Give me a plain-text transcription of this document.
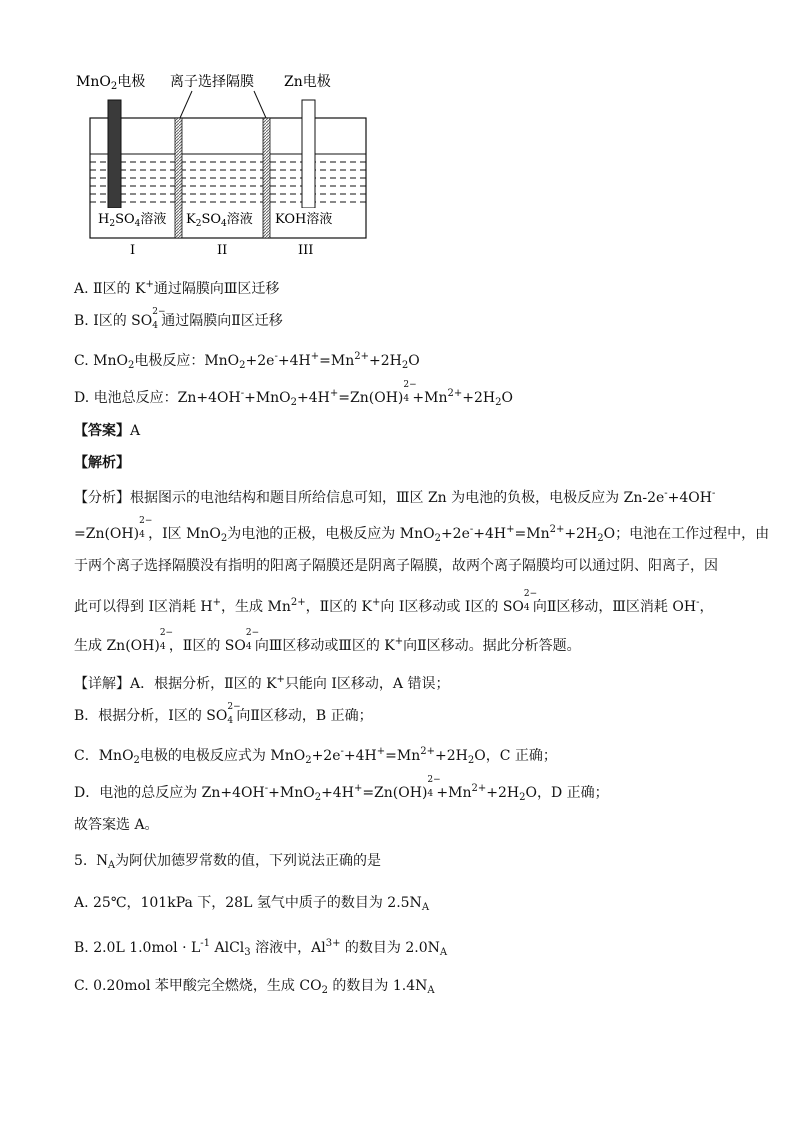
MnO$_2$电极 离子选择隔膜 Zn电极
$H_2SO_4$溶液 $K_2SO_4$溶液 KOH溶液
I	II	III
A. Ⅱ区的 K+通过隔膜向Ⅲ区迁移
B. Ⅰ区的 SO
2−
4 通过隔膜向Ⅱ区迁移
C. MnO$_2$电极反应：$MnO_2+2e^-+4H^+=Mn^{2+}+2H_2O$
D. 电池总反应：Zn+4OH-+MnO$_2$+4H+=Zn(OH)
2−
$4 +Mn^{2+}+2H_2O$
【答案】A
【解析】
【分析】根据图示的电池结构和题目所给信息可知，Ⅲ区 Zn 为电池的负极，电极反应为 Zn-2e-+4OH-
=Zn(OH)
2−
4 ，Ⅰ区 MnO$_2$为电池的正极，电极反应为 $MnO_2+2e^-+4H^+=Mn^{2+}+2H_2O$；电池在工作过程中，由
于两个离子选择隔膜没有指明的阳离子隔膜还是阴离子隔膜，故两个离子隔膜均可以通过阴、阳离子，因
此可以得到 Ⅰ区消耗 H+，生成 $Mn^{2+}$，Ⅱ区的 K+向 Ⅰ区移动或 Ⅰ区的 SO
2−
4 向Ⅱ区移动，Ⅲ区消耗 OH-，
生成 Zn(OH)
2−
4 ，Ⅱ区的 SO
2−
4 向Ⅲ区移动或Ⅲ区的 K+向Ⅱ区移动。据此分析答题。
【详解】A．根据分析，Ⅱ区的 K+只能向 Ⅰ区移动，A 错误；
B．根据分析，Ⅰ区的 SO
2−
4 向Ⅱ区移动，B 正确；
C．MnO$_2$电极的电极反应式为 $MnO_2+2e^-+4H^+=Mn^{2+}+2H_2O$，C 正确；
D．电池的总反应为 Zn+4OH-+MnO$_2$+4H+=Zn(OH)
2−
$4 +Mn^{2+}+2H_2O$，D 正确；
故答案选 A。
5. $N_A$为阿伏加德罗常数的值，下列说法正确的是
A. 25℃，101kPa 下，28L 氢气中质子的数目为 $2.5N_A$
B. 2.0L $1.0mol \cdot L^{-1}$ AlCl$_3$ 溶液中，$Al^{3+}$ 的数目为 $2.0N_A$
C. 0.20mol 苯甲酸完全燃烧，生成 $CO_2$ 的数目为 $1.4N_A$
